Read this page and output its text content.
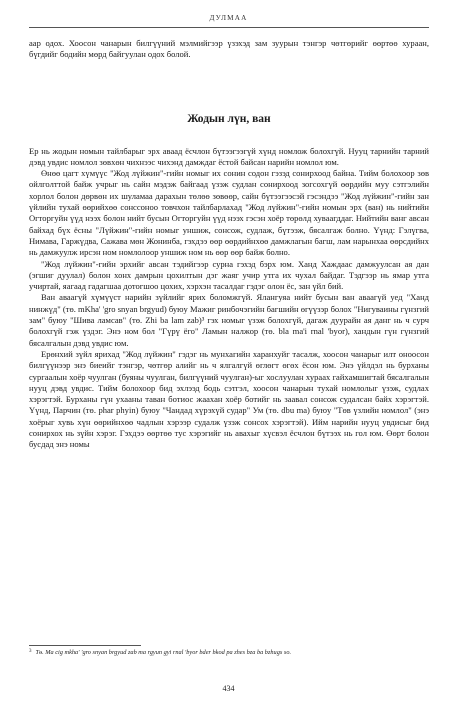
ДУЛМАА

аар одох. Хоосон чанарын билгүүний мэлмийгээр үзэхэд зам зуурын тэнгэр чөтгөрийг өөртөө хураан, бүгдийг бодийн мөрд байгуулан одох болой.

Жодын лүн, ван

Ер нь жодын номын тайлбарыг эрх аваад ёсчлон бүтээгээгүй хүнд номлож болохгүй. Нууц тарнийн тарний дэвд увдис номлол зөвхөн чихнээс чихэнд дамждаг ёстой байсан нарийн номлол юм.

Өнөө цагт хүмүүс "Жод лүйжин"-гийн номыг их сонин содон гэзэд сонирхоод байна. Тийм болохоор зөв ойлголттой байж учрыг нь сайн мэдэж байгаад үзэж судлан сонирхоод зогсохгүй өөрдийн муу сэтгэлийн хорлол болон дөрвөн их шуламаа дарахын төлөө зөвөөр, сайн бүтээгээсэй гэсэндээ "Жод лүйжин"-гийн зан үйлийн тухай өөрийхөө сонссоноо товчхон тайлбарлахад "Жод лүйжин"-гийн номын эрх (ван) нь нийтийн Огторгуйн үүд нээх болон нийт бусын Огторгуйн үүд нээх гэсэн хоёр төрөлд хуваагддаг. Нийтийн ванг авсан байхад бүх ёсны "Лүйжин"-гийн номыг уншиж, сонсож, судлаж, бүтээж, бясалгаж болно. Үүнд: Гэлүгва, Нимава, Гаржүдва, Сажава мөн Жонинба, гэхдээ өөр өөрдийнхөө дамжлагын багш, лам нарынхаа өөрсдийнх нь дамжуулж ирсэн ном номлолоор уншиж ном нь өөр өөр байж болно.

"Жод лүйжин"-гийн эрхийг авсан тэдийгээр сурна гэхэд бэрх юм. Ханд Хаждаас дамжуулсан ая дан (эгшиг дуулал) болон хонх дамрын цохилтын дэг жаяг учир утга их чухал байдаг. Тэдгээр нь ямар утга учиртай, яагаад гадагшаа дотогшоо цохих, хэрхэн тасалдаг гэдэг олон ёс, зан үйл бий.

Ван аваагүй хүмүүст нарийн зүйлийг ярих боломжгүй. Ялангуяа нийт бусын ван аваагүй уед "Ханд нинжүд" (тө. mKha' 'gro snyan brgyud) буюу Мажиг ринбочэгийн багшийн өгүүзэр болох "Нигуваины гүнзгий зам" буюу "Шива ламсав" (тө. Zhi ba lam zab)³ гэх номыг үзэж болохгүй, дагаж дуурайн ая данг нь ч сурч болохгүй гэж үздэг. Энэ ном бол "Гүрү ёго" Ламын налжор (тө. bla ma'i rnal 'byor), хандын гүн гүнзгий бясалгалын дэвд увдис юм.

Ерөнхий зүйл ярихад "Жод лүйжин" гэдэг нь мунхагийн харанхуйг тасалж, хоосон чанарыг илт оноосон билгүүнээр энэ биеийг тэнгэр, чөтгөр алийг нь ч ялгалгүй өглөгт өгөх ёсон юм. Энэ үйлдэл нь бурханы сургаалын хоёр чуулган (буяны чуулган, билгүүний чуулган)-ыг хослуулан хураах гайхамшигтай бясалгалын нууц дэвд увдис. Тийм болохоор бид эхлээд бодь сэтгэл, хоосон чанарын тухай номлолыг үзэж, судлах хэрэгтэй. Бурханы гүн ухааны таван ботиос жаахан хоёр ботийг нь заавал сонсож судалсан байх хэрэгтэй. Үүнд, Парчин (тө. phar phyin) буюу "Чандад хүрэхүй судар" Ум (тө. dbu ma) буюу "Төв үзлийн номлол" (энэ хоёрыг хувь хүн өөрийнхөө чадлын хэрээр судалж үзэж сонсох хэрэгтэй). Ийм нарийн нууц увдисыг бид сонирхох нь зүйн хэрэг. Гэхдээ өөртөө тус хэрэгийг нь авахыг хүсвэл ёсчлон бүтээх нь гол юм. Өөрт болон бусдад энэ номы

$^3$ Тө. Ma cig mkha' 'gro snyan brgyud zab ma rgyun gyi rnal 'byor bder bkod pa zhes bza ba bzhugs so.
434
